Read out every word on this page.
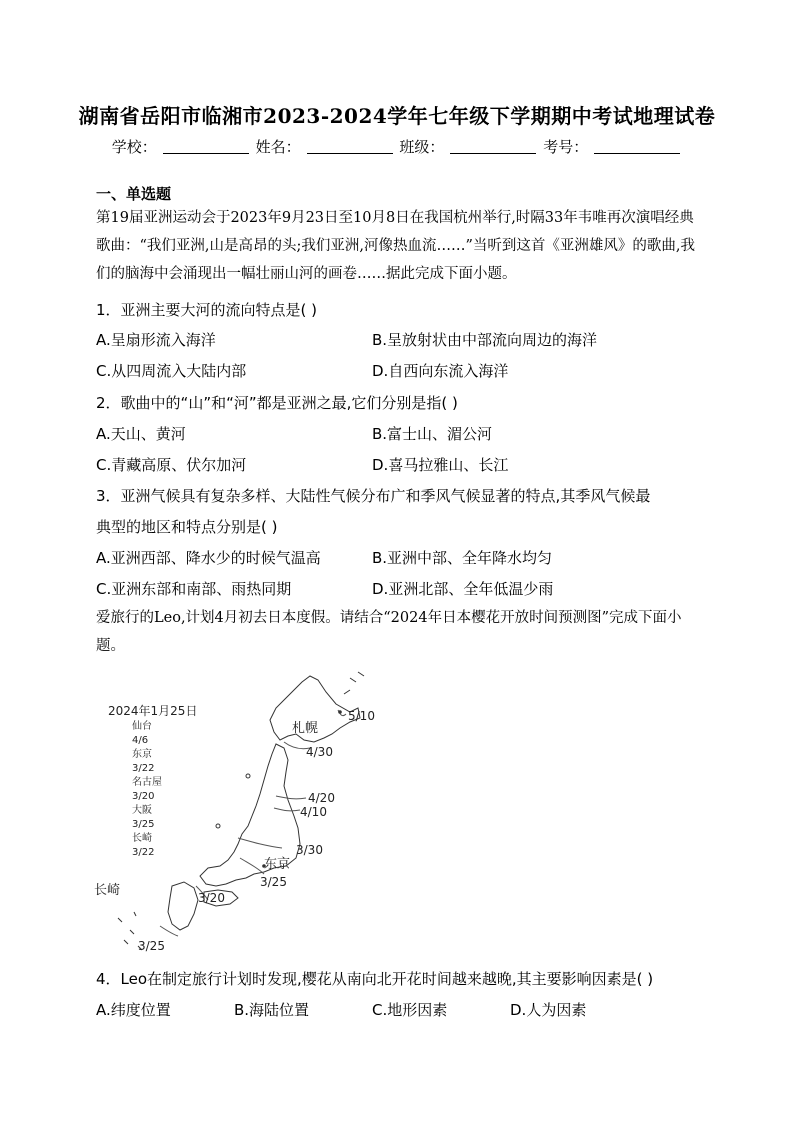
湖南省岳阳市临湘市2023-2024学年七年级下学期期中考试地理试卷
学校：	姓名：	班级：	考号：
一、单选题
第19届亚洲运动会于2023年9月23日至10月8日在我国杭州举行,时隔33年韦唯再次演唱经典歌曲：“我们亚洲,山是高昂的头;我们亚洲,河像热血流……”当听到这首《亚洲雄风》的歌曲,我们的脑海中会涌现出一幅壮丽山河的画卷……据此完成下面小题。
1．亚洲主要大河的流向特点是( )
A.呈扇形流入海洋	B.呈放射状由中部流向周边的海洋
C.从四周流入大陆内部	D.自西向东流入海洋
2．歌曲中的“山”和“河”都是亚洲之最,它们分别是指( )
A.天山、黄河	B.富士山、湄公河
C.青藏高原、伏尔加河	D.喜马拉雅山、长江
3．亚洲气候具有复杂多样、大陆性气候分布广和季风气候显著的特点,其季风气候最
典型的地区和特点分别是( )
A.亚洲西部、降水少的时候气温高	B.亚洲中部、全年降水均匀
C.亚洲东部和南部、雨热同期	D.亚洲北部、全年低温少雨
爱旅行的Leo,计划4月初去日本度假。请结合“2024年日本樱花开放时间预测图”完成下面小题。
2024年1月25日
仙台
4/6
东京
3/22
名古屋
3/20
大阪
3/25
长崎
3/22
札幌
东京
长崎
5/10
4/30
4/20
4/10
3/30
3/25
3/20
3/25
4．Leo在制定旅行计划时发现,樱花从南向北开花时间越来越晚,其主要影响因素是( )
A.纬度位置	B.海陆位置	C.地形因素	D.人为因素
